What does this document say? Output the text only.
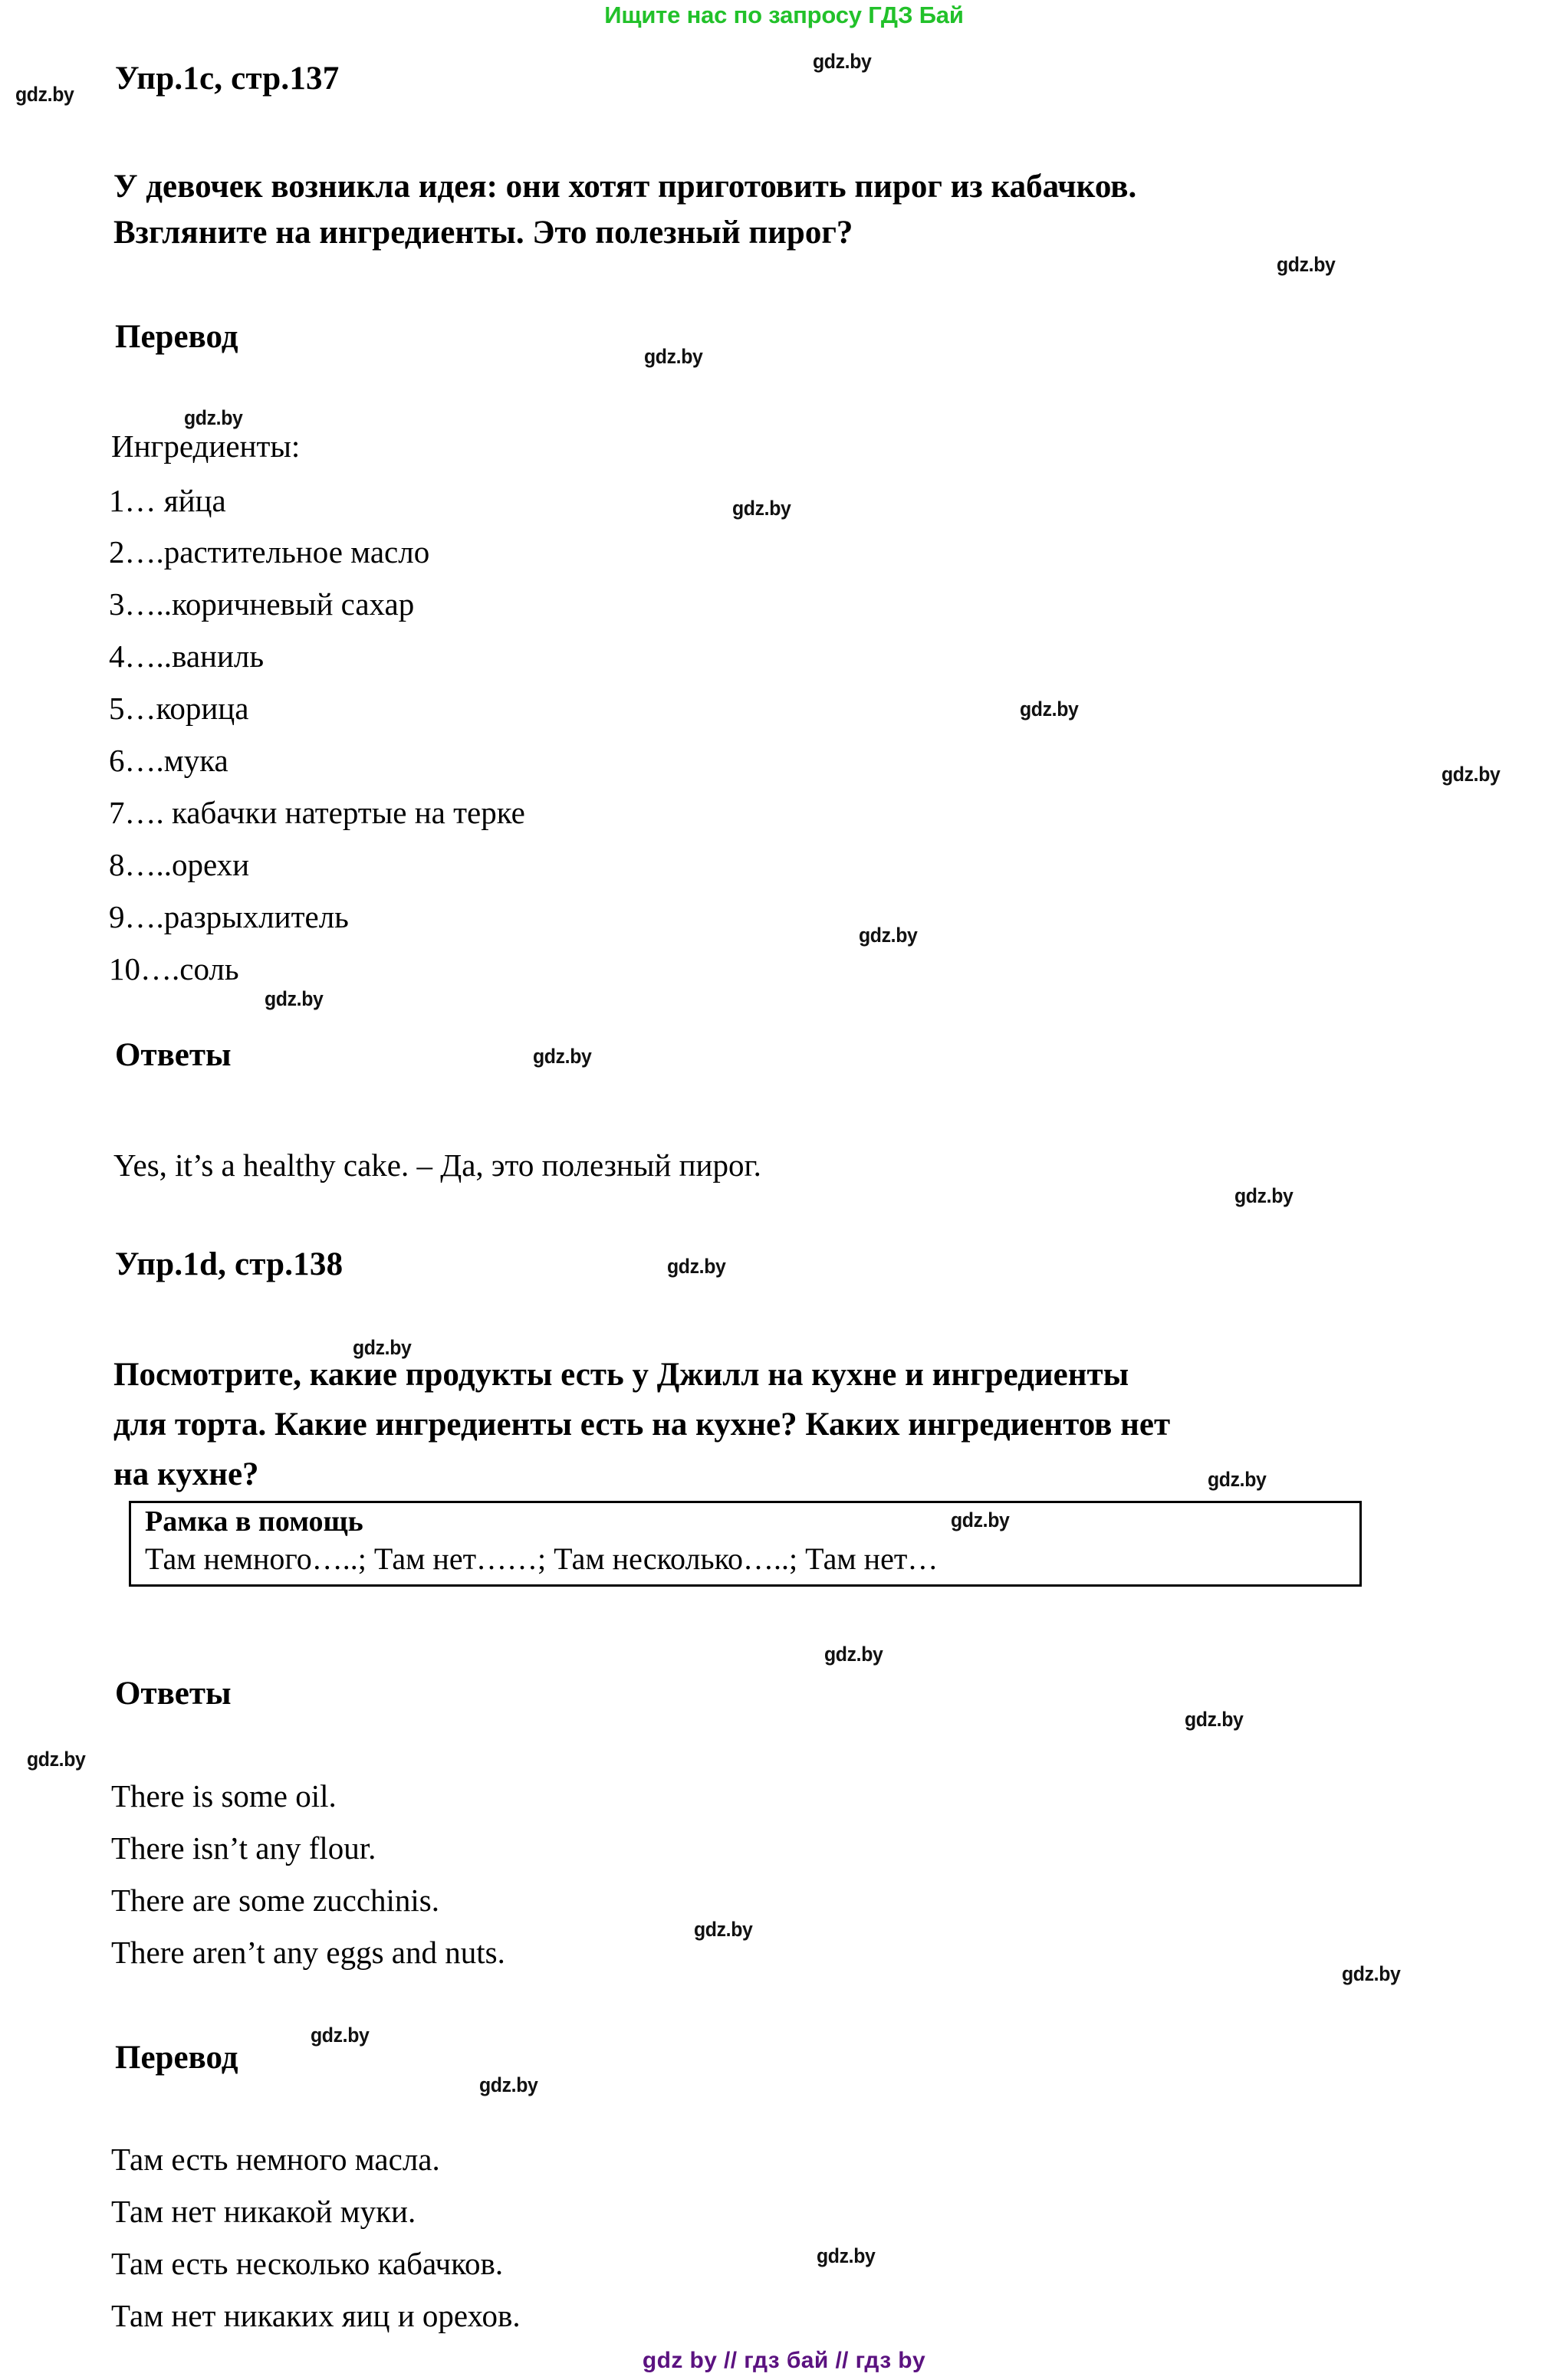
Ищите нас по запросу ГДЗ Бай
Упр.1c, стр.137
У девочек возникла идея: они хотят приготовить пирог из кабачков.
Взгляните на ингредиенты. Это полезный пирог?
Перевод
Ингредиенты:
1… яйца
2….растительное масло
3…..коричневый сахар
4…..ваниль
5…корица
6….мука
7…. кабачки натертые на терке
8…..орехи
9….разрыхлитель
10….соль
Ответы
Yes, it’s a healthy cake. – Да, это полезный пирог.
Упр.1d, стр.138
Посмотрите, какие продукты есть у Джилл на кухне и ингредиенты
для торта. Какие ингредиенты есть на кухне? Каких ингредиентов нет
на кухне?
Рамка в помощь
Там немного…..; Там нет……; Там несколько…..; Там нет…
Ответы
There is some oil.
There isn’t any flour.
There are some zucchinis.
There aren’t any eggs and nuts.
Перевод
Там есть немного масла.
Там нет никакой муки.
Там есть несколько кабачков.
Там нет никаких яиц и орехов.
gdz.by
gdz.by
gdz.by
gdz.by
gdz.by
gdz.by
gdz.by
gdz.by
gdz.by
gdz.by
gdz.by
gdz.by
gdz.by
gdz.by
gdz.by
gdz.by
gdz.by
gdz.by
gdz.by
gdz.by
gdz.by
gdz.by
gdz.by
gdz.by
gdz by // гдз бай // гдз by
